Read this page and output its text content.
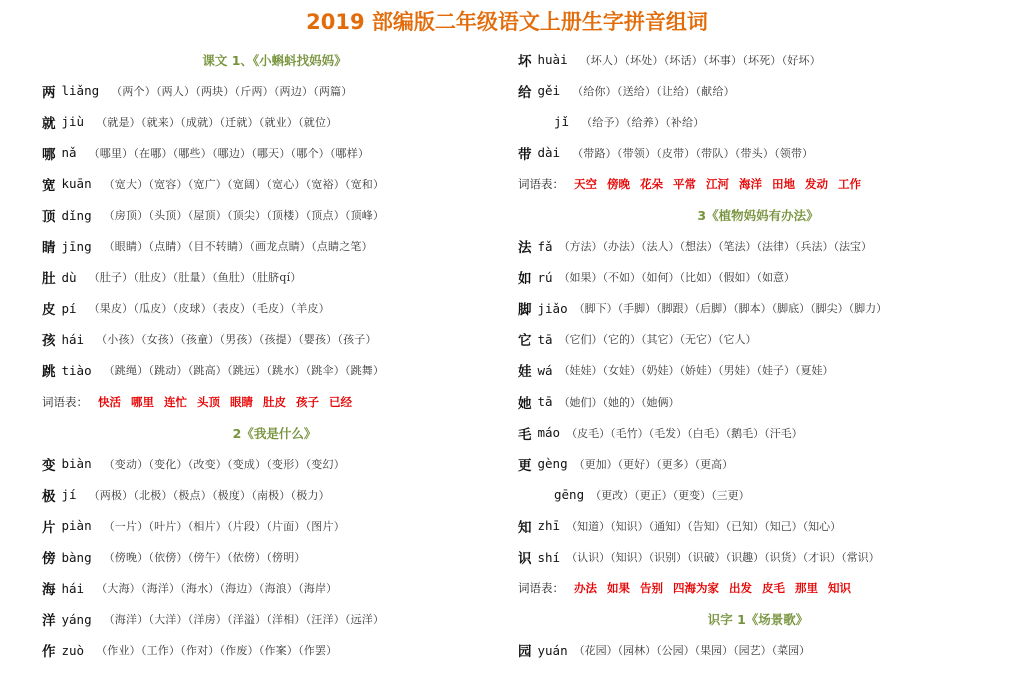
2019 部编版二年级语文上册生字拼音组词
课文 1、《小蝌蚪找妈妈》
两 liǎng （两个）（两人）（两块）（斤两）（两边）（两篇）
就 jiù （就是）（就来）（成就）（迁就）（就业）（就位）
哪 nǎ （哪里）（在哪）（哪些）（哪边）（哪天）（哪个）（哪样）
宽 kuān （宽大）（宽容）（宽广）（宽阔）（宽心）（宽裕）（宽和）
顶 dǐng （房顶）（头顶）（屋顶）（顶尖）（顶楼）（顶点）（顶峰）
睛 jīng （眼睛）（点睛）（目不转睛）（画龙点睛）（点睛之笔）
肚 dù （肚子）（肚皮）（肚量）（鱼肚）（肚脐qí）
皮 pí （果皮）（瓜皮）（皮球）（表皮）（毛皮）（羊皮）
孩 hái （小孩）（女孩）（孩童）（男孩）（孩提）（婴孩）（孩子）
跳 tiào （跳绳）（跳动）（跳高）（跳远）（跳水）（跳伞）（跳舞）
词语表： 快活 哪里 连忙 头顶 眼睛 肚皮 孩子 已经
2《我是什么》
变 biàn （变动）（变化）（改变）（变成）（变形）（变幻）
极 jí （两极）（北极）（极点）（极度）（南极）（极力）
片 piàn （一片）（叶片）（相片）（片段）（片面）（图片）
傍 bàng （傍晚）（依傍）（傍午）（依傍）（傍明）
海 hái （大海）（海洋）（海水）（海边）（海浪）（海岸）
洋 yáng （海洋）（大洋）（洋房）（洋溢）（洋相）（汪洋）（远洋）
作 zuò （作业）（工作）（作对）（作废）（作案）（作罢）
坏 huài （坏人）（坏处）（坏话）（坏事）（坏死）（好坏）
给 gěi （给你）（送给）（让给）（献给）
jǐ （给予）（给养）（补给）
带 dài （带路）（带领）（皮带）（带队）（带头）（领带）
词语表： 天空 傍晚 花朵 平常 江河 海洋 田地 发动 工作
3《植物妈妈有办法》
法 fǎ （方法）（办法）（法人）（想法）（笔法）（法律）（兵法）（法宝）
如 rú （如果）（不如）（如何）（比如）（假如）（如意）
脚 jiǎo （脚下）（手脚）（脚跟）（后脚）（脚本）（脚底）（脚尖）（脚力）
它 tā （它们）（它的）（其它）（无它）（它人）
娃 wá （娃娃）（女娃）（奶娃）（娇娃）（男娃）（娃子）（夏娃）
她 tā （她们）（她的）（她俩）
毛 máo （皮毛）（毛竹）（毛发）（白毛）（鹅毛）（汗毛）
更 gèng （更加）（更好）（更多）（更高）
gēng （更改）（更正）（更变）（三更）
知 zhī （知道）（知识）（通知）（告知）（已知）（知己）（知心）
识 shí （认识）（知识）（识别）（识破）（识趣）（识货）（才识）（常识）
词语表： 办法 如果 告别 四海为家 出发 皮毛 那里 知识
识字 1《场景歌》
园 yuán （花园）（园林）（公园）（果园）（园艺）（菜园）
